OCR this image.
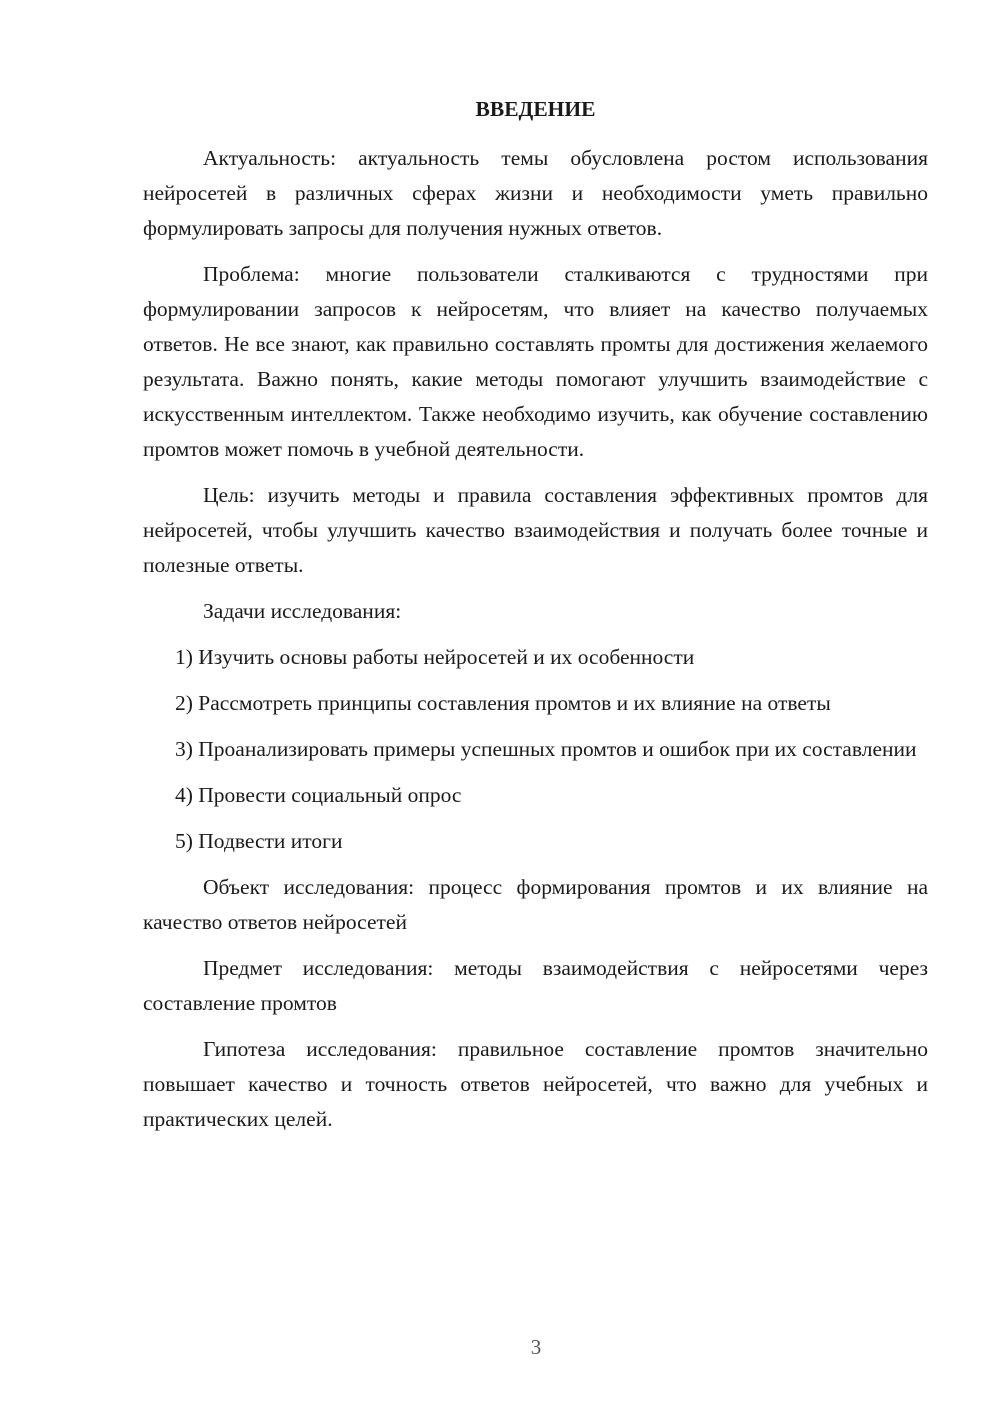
ВВЕДЕНИЕ

Актуальность: актуальность темы обусловлена ростом использования нейросетей в различных сферах жизни и необходимости уметь правильно формулировать запросы для получения нужных ответов.

Проблема: многие пользователи сталкиваются с трудностями при формулировании запросов к нейросетям, что влияет на качество получаемых ответов. Не все знают, как правильно составлять промты для достижения желаемого результата. Важно понять, какие методы помогают улучшить взаимодействие с искусственным интеллектом. Также необходимо изучить, как обучение составлению промтов может помочь в учебной деятельности.

Цель: изучить методы и правила составления эффективных промтов для нейросетей, чтобы улучшить качество взаимодействия и получать более точные и полезные ответы.

Задачи исследования:

1) Изучить основы работы нейросетей и их особенности

2) Рассмотреть принципы составления промтов и их влияние на ответы

3) Проанализировать примеры успешных промтов и ошибок при их составлении

4) Провести социальный опрос

5) Подвести итоги

Объект исследования: процесс формирования промтов и их влияние на качество ответов нейросетей

Предмет исследования: методы взаимодействия с нейросетями через составление промтов

Гипотеза исследования: правильное составление промтов значительно повышает качество и точность ответов нейросетей, что важно для учебных и практических целей.

3
